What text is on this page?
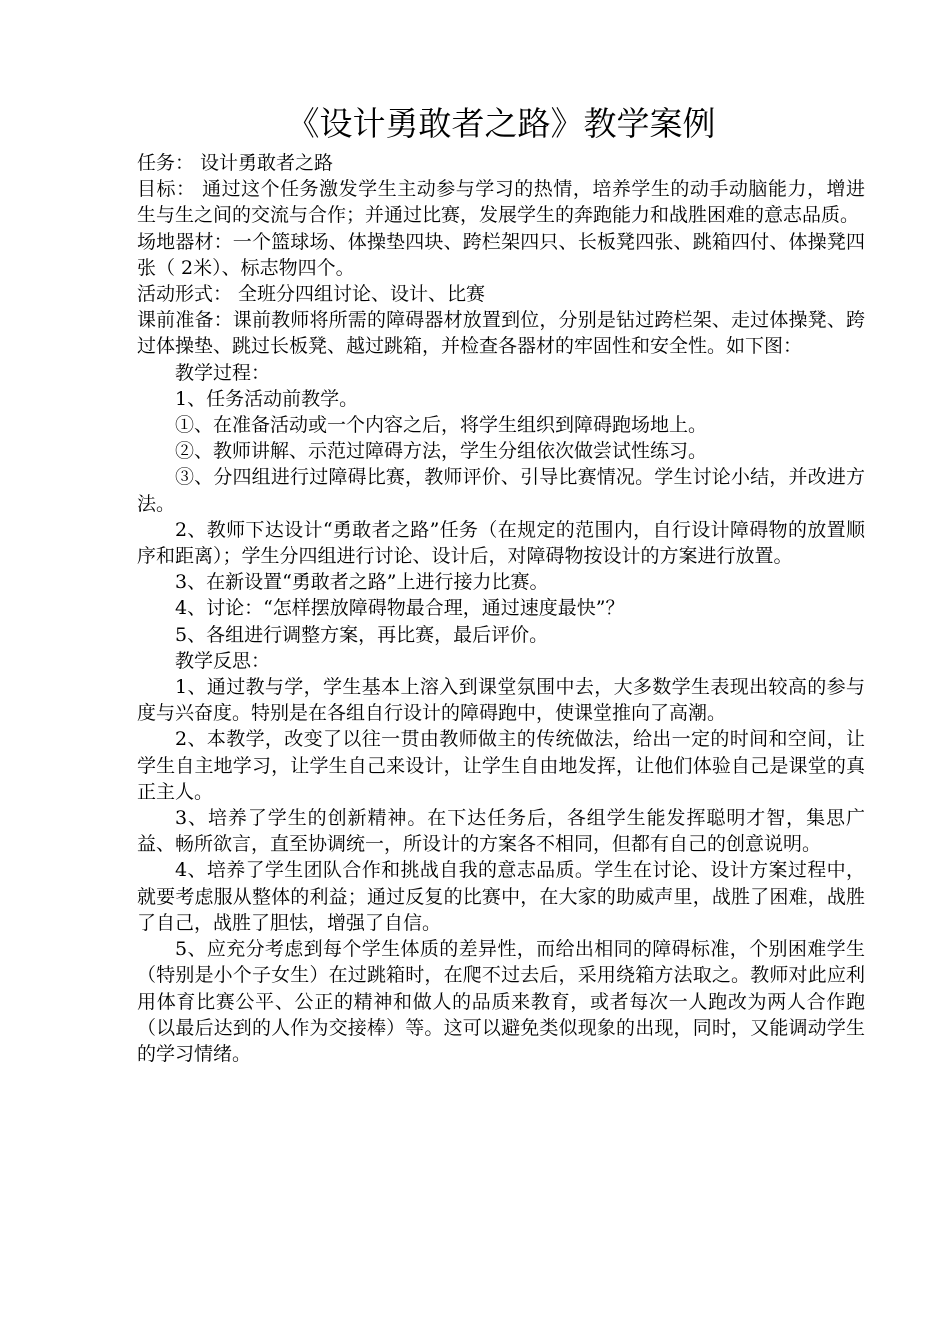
《设计勇敢者之路》教学案例

任务： 设计勇敢者之路

目标： 通过这个任务激发学生主动参与学习的热情，培养学生的动手动脑能力，增进生与生之间的交流与合作；并通过比赛，发展学生的奔跑能力和战胜困难的意志品质。

场地器材：一个篮球场、体操垫四块、跨栏架四只、长板凳四张、跳箱四付、体操凳四张（ 2米）、标志物四个。

活动形式： 全班分四组讨论、设计、比赛

课前准备：课前教师将所需的障碍器材放置到位，分别是钻过跨栏架、走过体操凳、跨过体操垫、跳过长板凳、越过跳箱，并检查各器材的牢固性和安全性。如下图：

教学过程：

1、任务活动前教学。

①、在准备活动或一个内容之后，将学生组织到障碍跑场地上。

②、教师讲解、示范过障碍方法，学生分组依次做尝试性练习。

③、分四组进行过障碍比赛，教师评价、引导比赛情况。学生讨论小结，并改进方法。

2、教师下达设计“勇敢者之路”任务（在规定的范围内，自行设计障碍物的放置顺序和距离）；学生分四组进行讨论、设计后，对障碍物按设计的方案进行放置。

3、在新设置“勇敢者之路”上进行接力比赛。

4、讨论：“怎样摆放障碍物最合理，通过速度最快”？

5、各组进行调整方案，再比赛，最后评价。

教学反思：

1、通过教与学，学生基本上溶入到课堂氛围中去，大多数学生表现出较高的参与度与兴奋度。特别是在各组自行设计的障碍跑中，使课堂推向了高潮。

2、本教学，改变了以往一贯由教师做主的传统做法，给出一定的时间和空间，让学生自主地学习，让学生自己来设计，让学生自由地发挥，让他们体验自己是课堂的真正主人。

3、培养了学生的创新精神。在下达任务后，各组学生能发挥聪明才智，集思广益、畅所欲言，直至协调统一，所设计的方案各不相同，但都有自己的创意说明。

4、培养了学生团队合作和挑战自我的意志品质。学生在讨论、设计方案过程中，就要考虑服从整体的利益；通过反复的比赛中，在大家的助威声里，战胜了困难，战胜了自己，战胜了胆怯，增强了自信。

5、应充分考虑到每个学生体质的差异性，而给出相同的障碍标准，个别困难学生（特别是小个子女生）在过跳箱时，在爬不过去后，采用绕箱方法取之。教师对此应利用体育比赛公平、公正的精神和做人的品质来教育，或者每次一人跑改为两人合作跑（以最后达到的人作为交接棒）等。这可以避免类似现象的出现，同时，又能调动学生的学习情绪。
